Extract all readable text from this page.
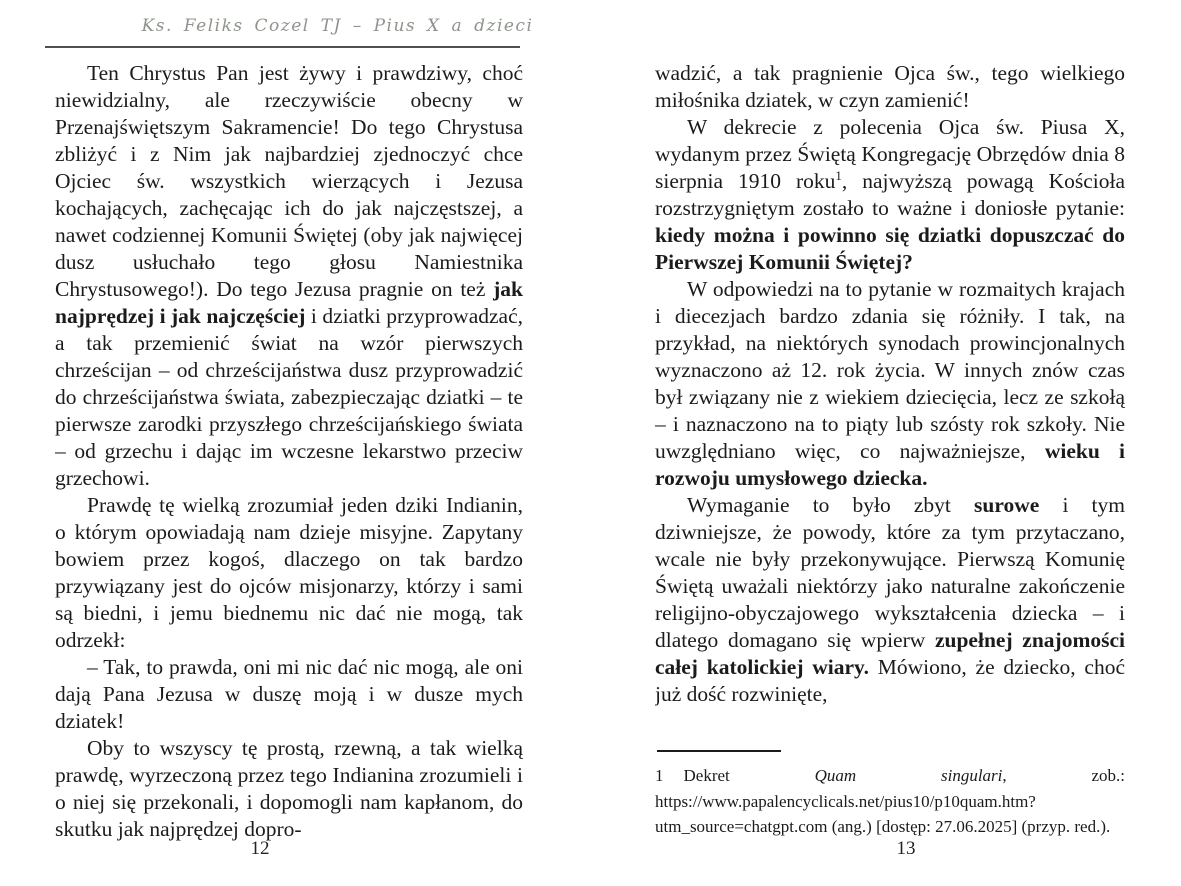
Ks. Feliks Cozel TJ – Pius X a dzieci

Ten Chrystus Pan jest żywy i prawdziwy, choć niewidzialny, ale rzeczywiście obecny w Przenajświętszym Sakramencie! Do tego Chrystusa zbliżyć i z Nim jak najbardziej zjednoczyć chce Ojciec św. wszystkich wierzących i Jezusa kochających, zachęcając ich do jak najczęstszej, a nawet codziennej Komunii Świętej (oby jak najwięcej dusz usłuchało tego głosu Namiestnika Chrystusowego!). Do tego Jezusa pragnie on też jak najprędzej i jak najczęściej i dziatki przyprowadzać, a tak przemienić świat na wzór pierwszych chrześcijan – od chrześcijaństwa dusz przyprowadzić do chrześcijaństwa świata, zabezpieczając dziatki – te pierwsze zarodki przyszłego chrześcijańskiego świata – od grzechu i dając im wczesne lekarstwo przeciw grzechowi.

Prawdę tę wielką zrozumiał jeden dziki Indianin, o którym opowiadają nam dzieje misyjne. Zapytany bowiem przez kogoś, dlaczego on tak bardzo przywiązany jest do ojców misjonarzy, którzy i sami są biedni, i jemu biednemu nic dać nie mogą, tak odrzekł:

– Tak, to prawda, oni mi nic dać nic mogą, ale oni dają Pana Jezusa w duszę moją i w dusze mych dziatek!

Oby to wszyscy tę prostą, rzewną, a tak wielką prawdę, wyrzeczoną przez tego Indianina zrozumieli i o niej się przekonali, i dopomogli nam kapłanom, do skutku jak najprędzej dopro-

wadzić, a tak pragnienie Ojca św., tego wielkiego miłośnika dziatek, w czyn zamienić!

W dekrecie z polecenia Ojca św. Piusa X, wydanym przez Świętą Kongregację Obrzędów dnia 8 sierpnia 1910 roku$^1$, najwyższą powagą Kościoła rozstrzygniętym zostało to ważne i doniosłe pytanie: kiedy można i powinno się dziatki dopuszczać do Pierwszej Komunii Świętej?

W odpowiedzi na to pytanie w rozmaitych krajach i diecezjach bardzo zdania się różniły. I tak, na przykład, na niektórych synodach prowincjonalnych wyznaczono aż 12. rok życia. W innych znów czas był związany nie z wiekiem dziecięcia, lecz ze szkołą – i naznaczono na to piąty lub szósty rok szkoły. Nie uwzględniano więc, co najważniejsze, wieku i rozwoju umysłowego dziecka.

Wymaganie to było zbyt surowe i tym dziwniejsze, że powody, które za tym przytaczano, wcale nie były przekonywujące. Pierwszą Komunię Świętą uważali niektórzy jako naturalne zakończenie religijno-obyczajowego wykształcenia dziecka – i dlatego domagano się wpierw zupełnej znajomości całej katolickiej wiary. Mówiono, że dziecko, choć już dość rozwinięte,

1 Dekret Quam singulari, zob.: https://www.papalencyclicals.net/pius10/p10quam.htm?utm_source=chatgpt.com (ang.) [dostęp: 27.06.2025] (przyp. red.).
12	13
